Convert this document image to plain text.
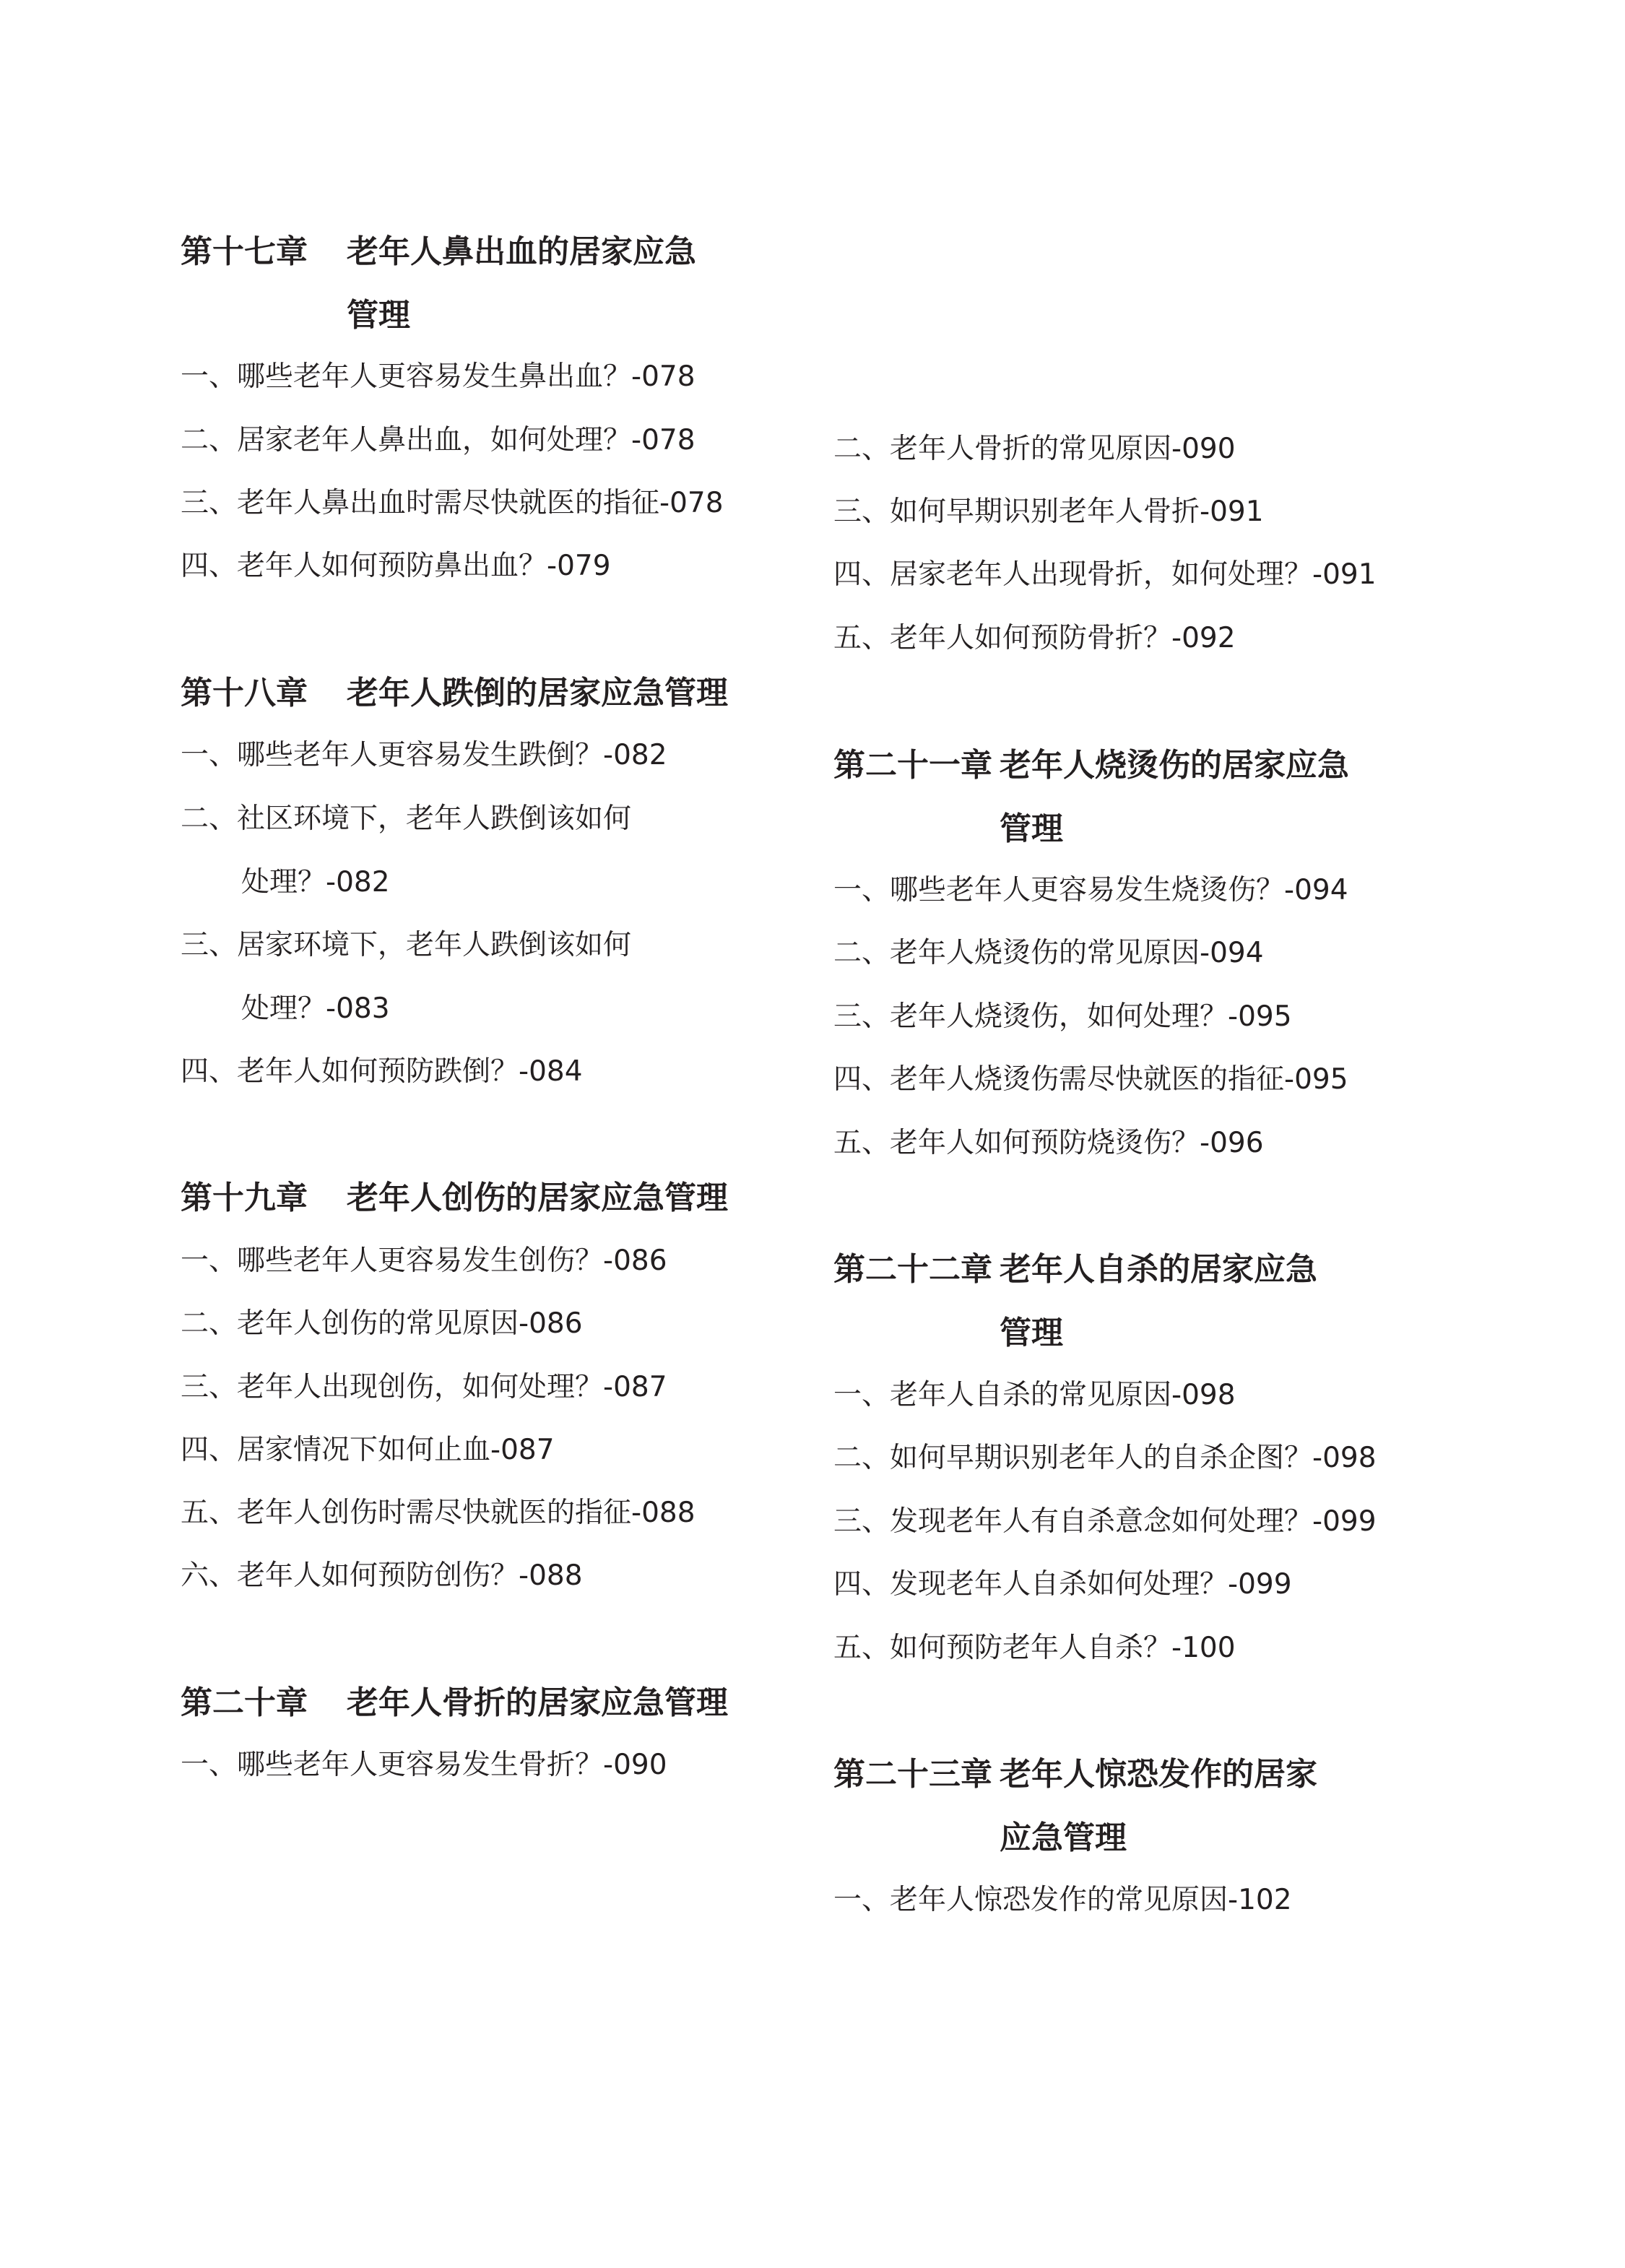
第十七章 老年人鼻出血的居家应急
管理
一、哪些老年人更容易发生鼻出血？-078
二、居家老年人鼻出血，如何处理？-078
三、老年人鼻出血时需尽快就医的指征-078
四、老年人如何预防鼻出血？-079
第十八章 老年人跌倒的居家应急管理
一、哪些老年人更容易发生跌倒？-082
二、社区环境下，老年人跌倒该如何
处理？-082
三、居家环境下，老年人跌倒该如何
处理？-083
四、老年人如何预防跌倒？-084
第十九章 老年人创伤的居家应急管理
一、哪些老年人更容易发生创伤？-086
二、老年人创伤的常见原因-086
三、老年人出现创伤，如何处理？-087
四、居家情况下如何止血-087
五、老年人创伤时需尽快就医的指征-088
六、老年人如何预防创伤？-088
第二十章 老年人骨折的居家应急管理
一、哪些老年人更容易发生骨折？-090
二、老年人骨折的常见原因-090
三、如何早期识别老年人骨折-091
四、居家老年人出现骨折，如何处理？-091
五、老年人如何预防骨折？-092
第二十一章 老年人烧烫伤的居家应急
管理
一、哪些老年人更容易发生烧烫伤？-094
二、老年人烧烫伤的常见原因-094
三、老年人烧烫伤，如何处理？-095
四、老年人烧烫伤需尽快就医的指征-095
五、老年人如何预防烧烫伤？-096
第二十二章 老年人自杀的居家应急
管理
一、老年人自杀的常见原因-098
二、如何早期识别老年人的自杀企图？-098
三、发现老年人有自杀意念如何处理？-099
四、发现老年人自杀如何处理？-099
五、如何预防老年人自杀？-100
第二十三章 老年人惊恐发作的居家
应急管理
一、老年人惊恐发作的常见原因-102
